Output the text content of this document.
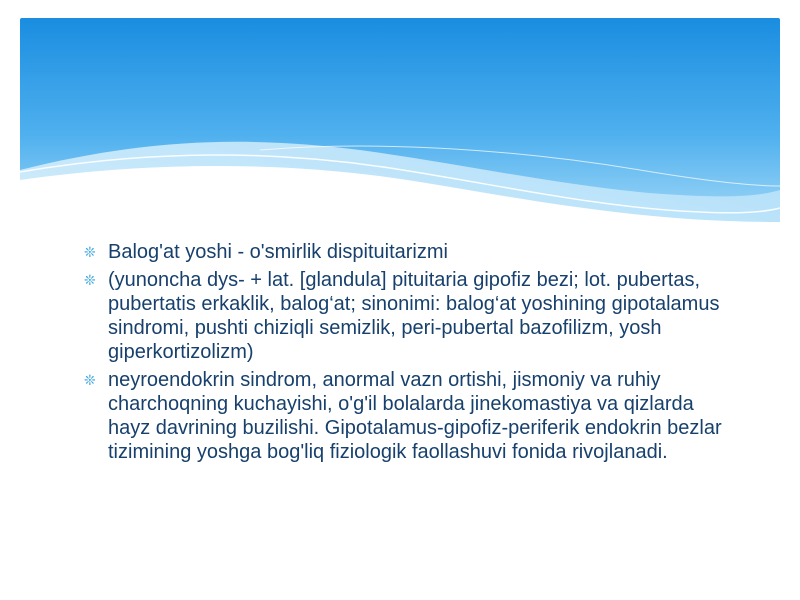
❊ Balog'at yoshi - o'smirlik dispituitarizmi
❊ (yunoncha dys- + lat. [glandula] pituitaria gipofiz bezi; lot. pubertas, pubertatis erkaklik, balog‘at; sinonimi: balog‘at yoshining gipotalamus sindromi, pushti chiziqli semizlik, peri-pubertal bazofilizm, yosh giperkortizolizm)
❊ neyroendokrin sindrom, anormal vazn ortishi, jismoniy va ruhiy charchoqning kuchayishi, o'g'il bolalarda jinekomastiya va qizlarda hayz davrining buzilishi. Gipotalamus-gipofiz-periferik endokrin bezlar tizimining yoshga bog'liq fiziologik faollashuvi fonida rivojlanadi.
